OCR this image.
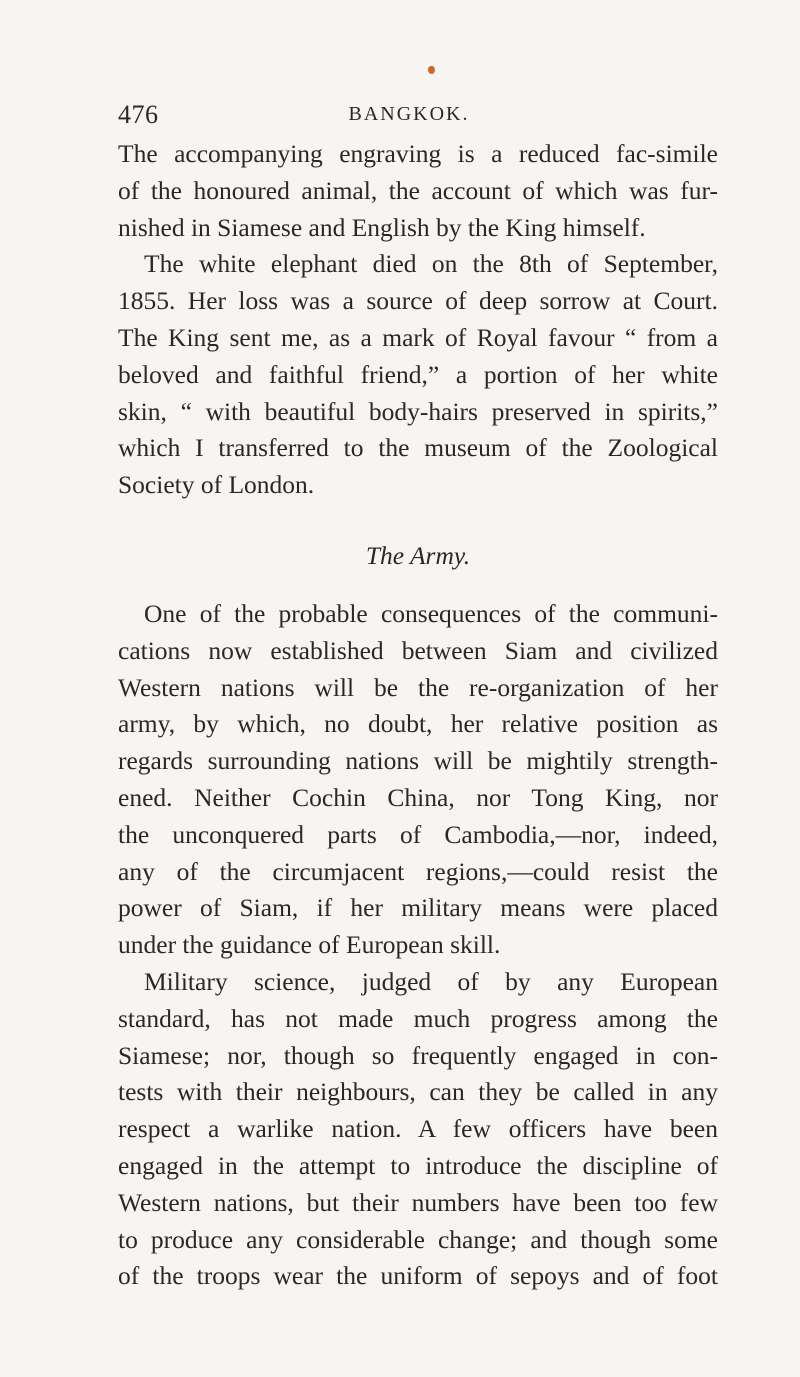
476	BANGKOK.
The accompanying engraving is a reduced fac-simile
of the honoured animal, the account of which was fur-
nished in Siamese and English by the King himself.
The white elephant died on the 8th of September,
1855. Her loss was a source of deep sorrow at Court.
The King sent me, as a mark of Royal favour “ from a
beloved and faithful friend,” a portion of her white
skin, “ with beautiful body-hairs preserved in spirits,”
which I transferred to the museum of the Zoological
Society of London.
The Army.
One of the probable consequences of the communi-
cations now established between Siam and civilized
Western nations will be the re-organization of her
army, by which, no doubt, her relative position as
regards surrounding nations will be mightily strength-
ened. Neither Cochin China, nor Tong King, nor
the unconquered parts of Cambodia,—nor, indeed,
any of the circumjacent regions,—could resist the
power of Siam, if her military means were placed
under the guidance of European skill.
Military science, judged of by any European
standard, has not made much progress among the
Siamese; nor, though so frequently engaged in con-
tests with their neighbours, can they be called in any
respect a warlike nation. A few officers have been
engaged in the attempt to introduce the discipline of
Western nations, but their numbers have been too few
to produce any considerable change; and though some
of the troops wear the uniform of sepoys and of foot
